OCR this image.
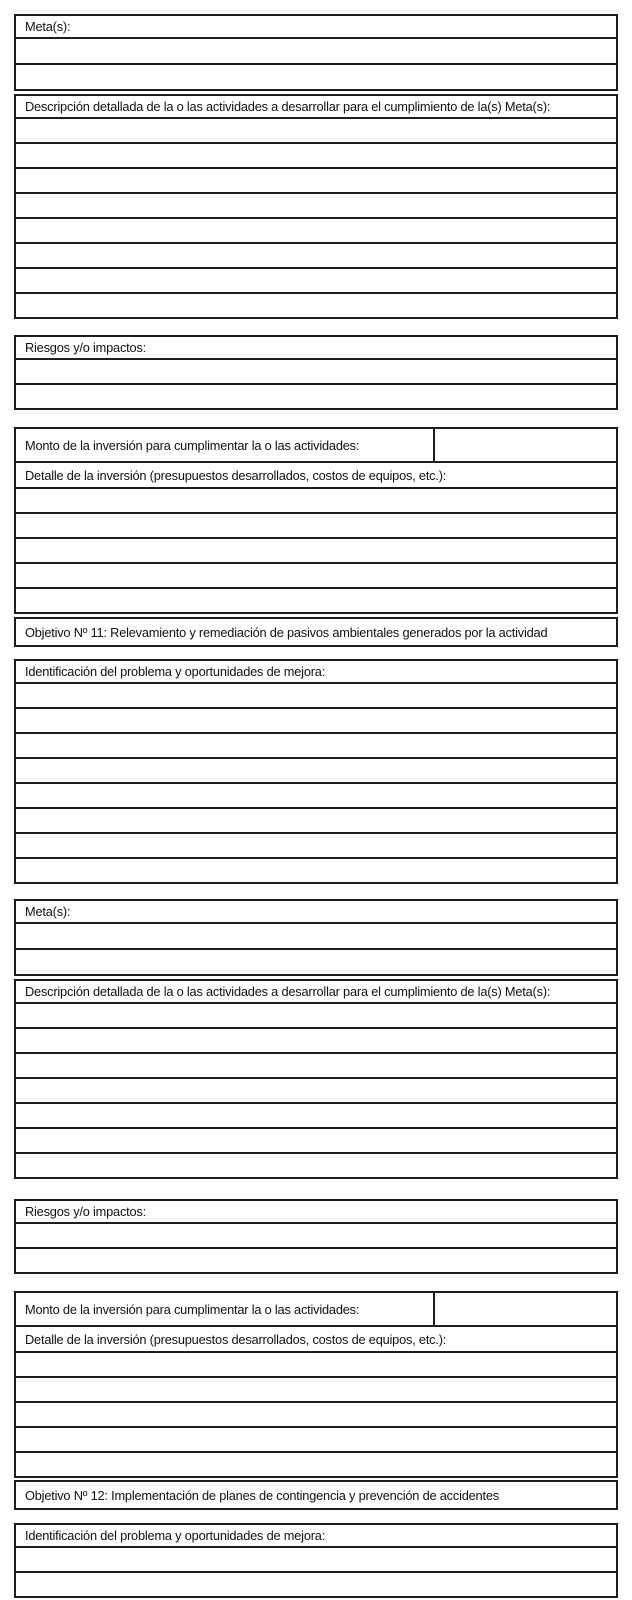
Meta(s):

Descripción detallada de la o las actividades a desarrollar para el cumplimiento de la(s) Meta(s):

Riesgos y/o impactos:

Monto de la inversión para cumplimentar la o las actividades:	
Detalle de la inversión (presupuestos desarrollados, costos de equipos, etc.):

Objetivo Nº 11: Relevamiento y remediación de pasivos ambientales generados por la actividad
Identificación del problema y oportunidades de mejora:

Meta(s):

Descripción detallada de la o las actividades a desarrollar para el cumplimiento de la(s) Meta(s):

Riesgos y/o impactos:

Monto de la inversión para cumplimentar la o las actividades:	
Detalle de la inversión (presupuestos desarrollados, costos de equipos, etc.):

Objetivo Nº 12: Implementación de planes de contingencia y prevención de accidentes
Identificación del problema y oportunidades de mejora:
